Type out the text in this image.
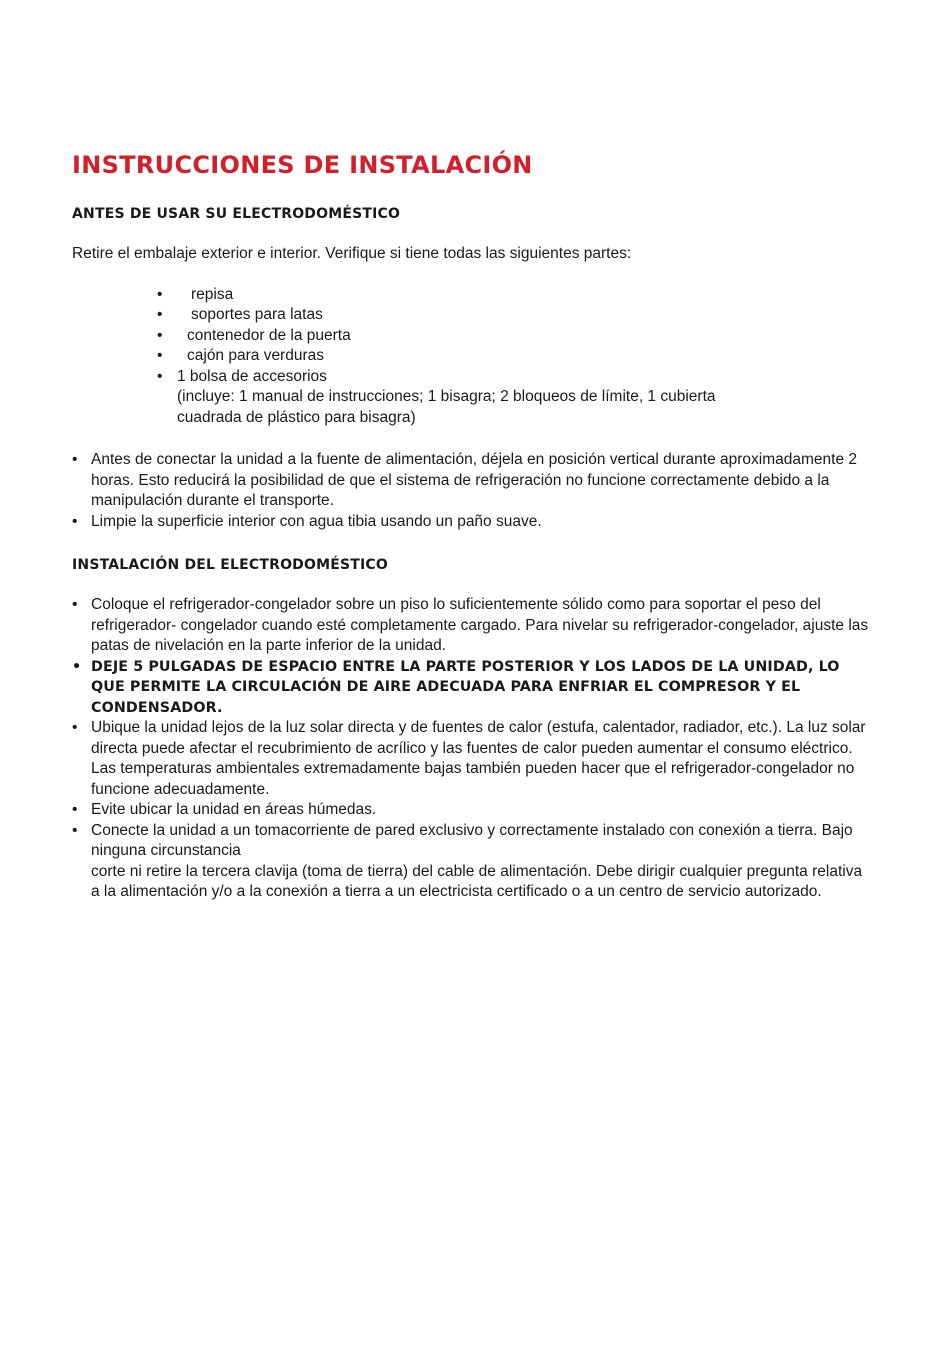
INSTRUCCIONES DE INSTALACIÓN
ANTES DE USAR SU ELECTRODOMÉSTICO

Retire el embalaje exterior e interior. Verifique si tiene todas las siguientes partes:

• repisa
• soportes para latas
• contenedor de la puerta
• cajón para verduras
• 1 bolsa de accesorios
(incluye: 1 manual de instrucciones; 1 bisagra; 2 bloqueos de límite, 1 cubierta
cuadrada de plástico para bisagra)
• Antes de conectar la unidad a la fuente de alimentación, déjela en posición vertical durante aproximadamente 2 horas. Esto reducirá la posibilidad de que el sistema de refrigeración no funcione correctamente debido a la manipulación durante el transporte.
• Limpie la superficie interior con agua tibia usando un paño suave.
INSTALACIÓN DEL ELECTRODOMÉSTICO
• Coloque el refrigerador-congelador sobre un piso lo suficientemente sólido como para soportar el peso del refrigerador- congelador cuando esté completamente cargado. Para nivelar su refrigerador-congelador, ajuste las patas de nivelación en la parte inferior de la unidad.
• DEJE 5 PULGADAS DE ESPACIO ENTRE LA PARTE POSTERIOR Y LOS LADOS DE LA UNIDAD, LO QUE PERMITE LA CIRCULACIÓN DE AIRE ADECUADA PARA ENFRIAR EL COMPRESOR Y EL CONDENSADOR.
• Ubique la unidad lejos de la luz solar directa y de fuentes de calor (estufa, calentador, radiador, etc.). La luz solar directa puede afectar el recubrimiento de acrílico y las fuentes de calor pueden aumentar el consumo eléctrico. Las temperaturas ambientales extremadamente bajas también pueden hacer que el refrigerador-congelador no funcione adecuadamente.
• Evite ubicar la unidad en áreas húmedas.
• Conecte la unidad a un tomacorriente de pared exclusivo y correctamente instalado con conexión a tierra. Bajo ninguna circunstancia
corte ni retire la tercera clavija (toma de tierra) del cable de alimentación. Debe dirigir cualquier pregunta relativa a la alimentación y/o a la conexión a tierra a un electricista certificado o a un centro de servicio autorizado.
